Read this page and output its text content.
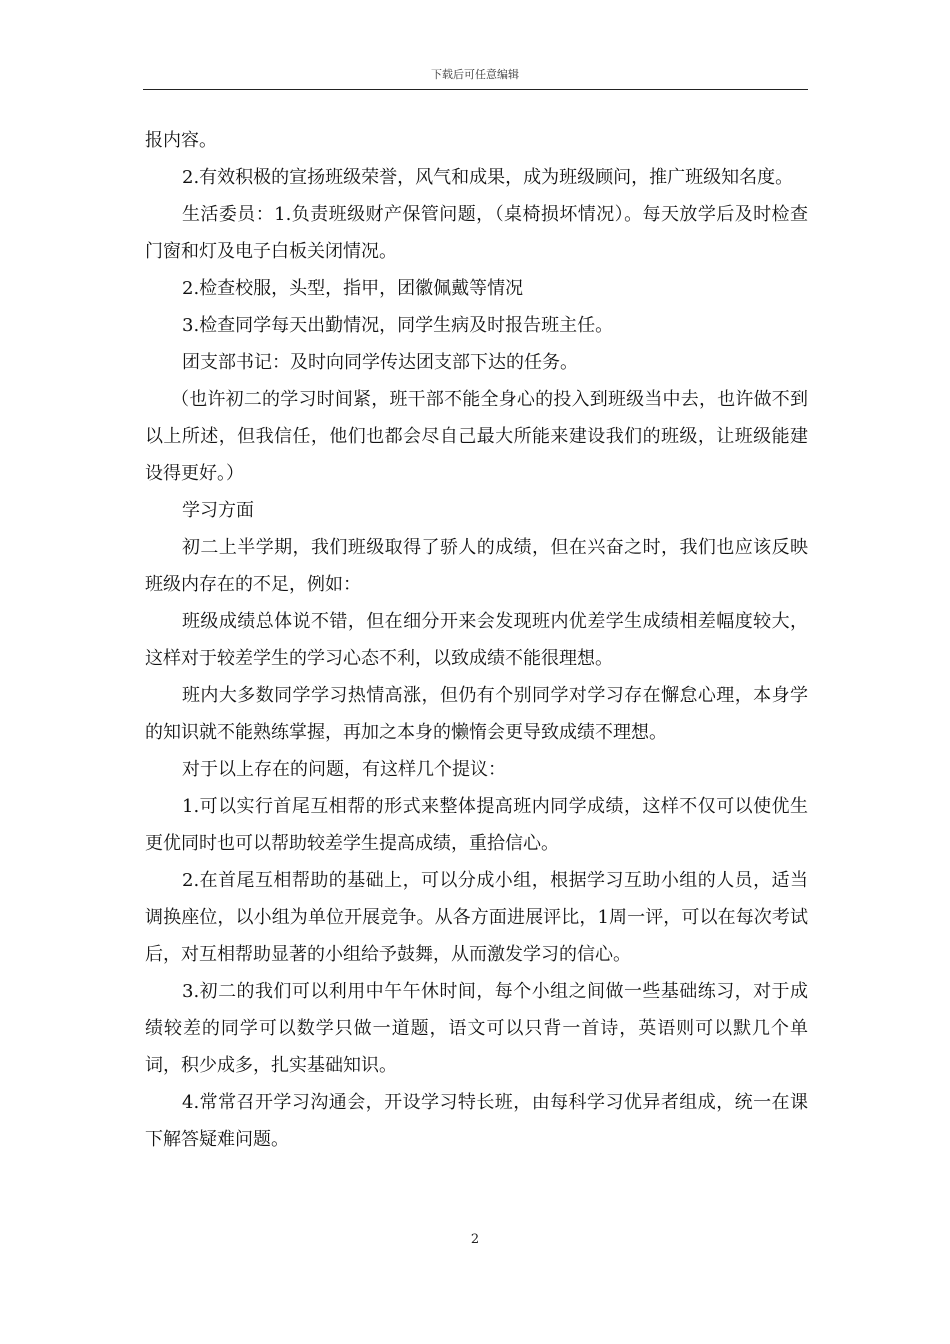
下载后可任意编辑

报内容。

2.有效积极的宣扬班级荣誉，风气和成果，成为班级顾问，推广班级知名度。

生活委员：1.负责班级财产保管问题，（桌椅损坏情况）。每天放学后及时检查门窗和灯及电子白板关闭情况。

2.检查校服，头型，指甲，团徽佩戴等情况

3.检查同学每天出勤情况，同学生病及时报告班主任。

团支部书记：及时向同学传达团支部下达的任务。

（也许初二的学习时间紧，班干部不能全身心的投入到班级当中去，也许做不到以上所述，但我信任，他们也都会尽自己最大所能来建设我们的班级，让班级能建设得更好。）

学习方面

初二上半学期，我们班级取得了骄人的成绩，但在兴奋之时，我们也应该反映班级内存在的不足，例如：

班级成绩总体说不错，但在细分开来会发现班内优差学生成绩相差幅度较大，这样对于较差学生的学习心态不利，以致成绩不能很理想。

班内大多数同学学习热情高涨，但仍有个别同学对学习存在懈怠心理，本身学的知识就不能熟练掌握，再加之本身的懒惰会更导致成绩不理想。

对于以上存在的问题，有这样几个提议：

1.可以实行首尾互相帮的形式来整体提高班内同学成绩，这样不仅可以使优生更优同时也可以帮助较差学生提高成绩，重拾信心。

2.在首尾互相帮助的基础上，可以分成小组，根据学习互助小组的人员，适当调换座位，以小组为单位开展竞争。从各方面进展评比，1周一评，可以在每次考试后，对互相帮助显著的小组给予鼓舞，从而激发学习的信心。

3.初二的我们可以利用中午午休时间，每个小组之间做一些基础练习，对于成绩较差的同学可以数学只做一道题，语文可以只背一首诗，英语则可以默几个单词，积少成多，扎实基础知识。

4.常常召开学习沟通会，开设学习特长班，由每科学习优异者组成，统一在课下解答疑难问题。

2
